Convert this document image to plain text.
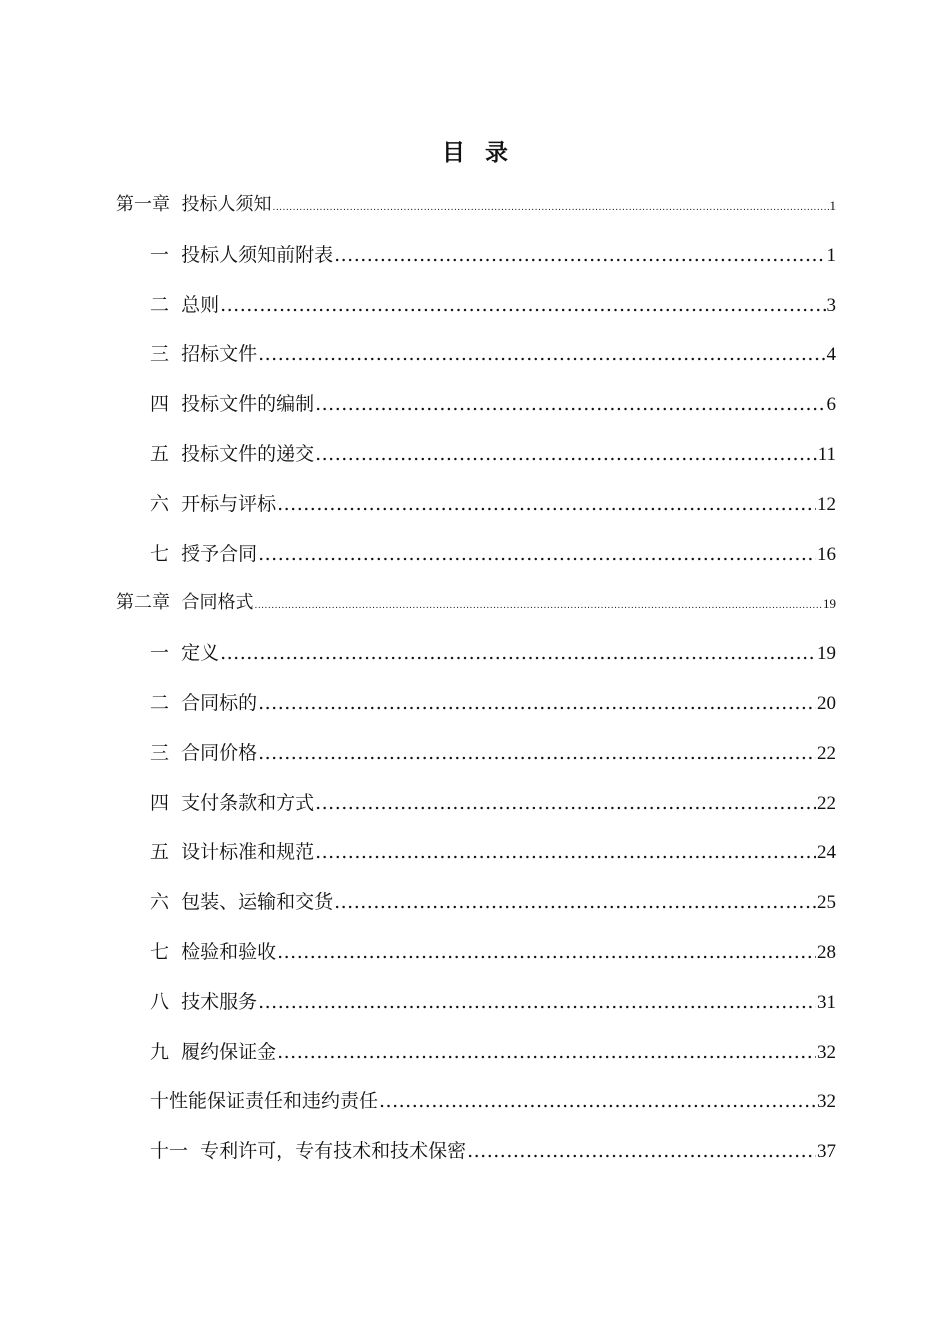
目录
第一章  投标人须知 .....	1
一  投标人须知前附表 .....	1
二  总则 .....	3
三  招标文件 .....	4
四  投标文件的编制 .....	6
五  投标文件的递交 .....	11
六  开标与评标 .....	12
七  授予合同 .....	16
第二章  合同格式 .....	19
一  定义 .....	19
二  合同标的 .....	20
三  合同价格 .....	22
四  支付条款和方式 .....	22
五  设计标准和规范 .....	24
六  包装、运输和交货 .....	25
七  检验和验收 .....	28
八  技术服务 .....	31
九  履约保证金 .....	32
十性能保证责任和违约责任 .....	32
十一  专利许可，专有技术和技术保密 .....	37
